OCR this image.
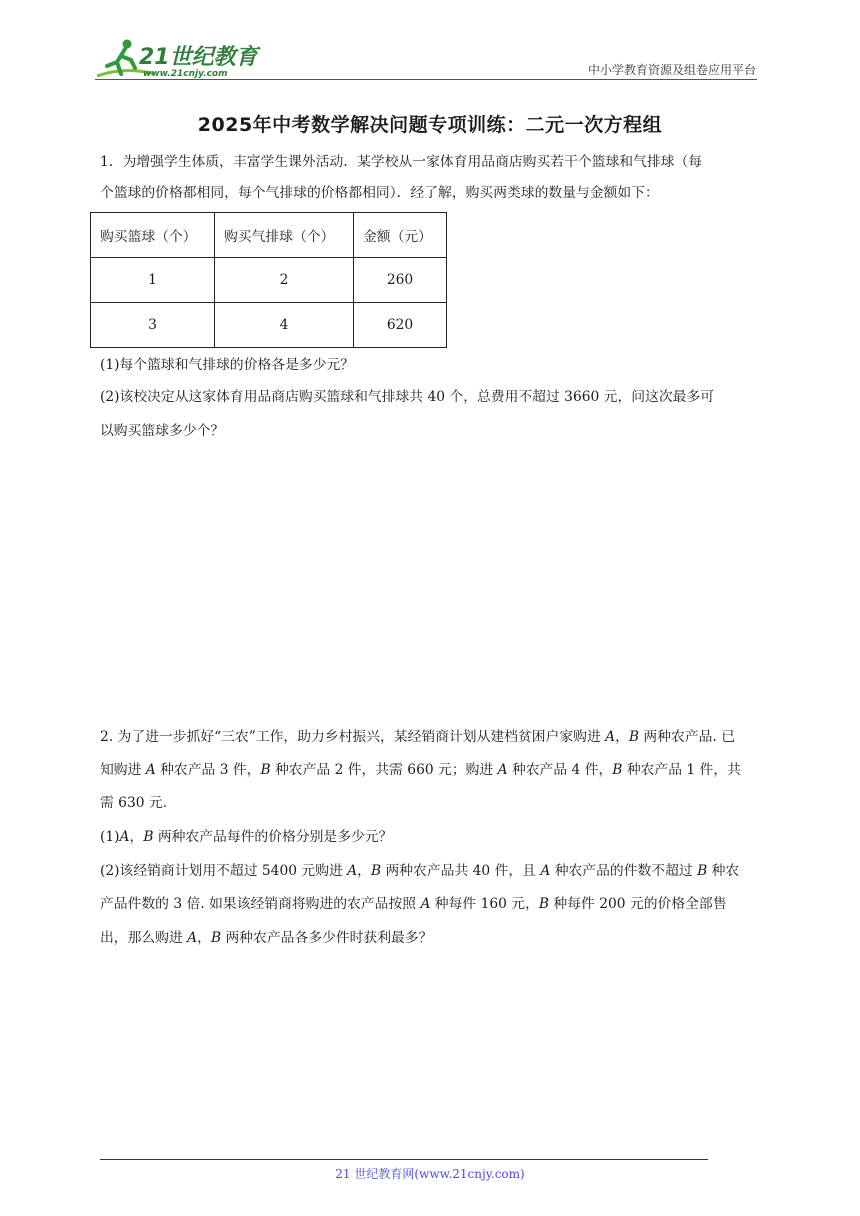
21世纪教育
www.21cnjy.com	中小学教育资源及组卷应用平台
2025年中考数学解决问题专项训练：二元一次方程组
1．为增强学生体质，丰富学生课外活动．某学校从一家体育用品商店购买若干个篮球和气排球（每
个篮球的价格都相同，每个气排球的价格都相同）．经了解，购买两类球的数量与金额如下：
购买篮球（个）	购买气排球（个）	金额（元）
1	2	260
3	4	620
(1)每个篮球和气排球的价格各是多少元？
(2)该校决定从这家体育用品商店购买篮球和气排球共 40 个，总费用不超过 3660 元，问这次最多可
以购买篮球多少个？
2. 为了进一步抓好“三农”工作，助力乡村振兴，某经销商计划从建档贫困户家购进 A，B 两种农产品. 已
知购进 A 种农产品 3 件，B 种农产品 2 件，共需 660 元；购进 A 种农产品 4 件，B 种农产品 1 件，共
需 630 元.
(1)A，B 两种农产品每件的价格分别是多少元？
(2)该经销商计划用不超过 5400 元购进 A，B 两种农产品共 40 件，且 A 种农产品的件数不超过 B 种农
产品件数的 3 倍. 如果该经销商将购进的农产品按照 A 种每件 160 元，B 种每件 200 元的价格全部售
出，那么购进 A，B 两种农产品各多少件时获利最多？
21 世纪教育网(www.21cnjy.com)
